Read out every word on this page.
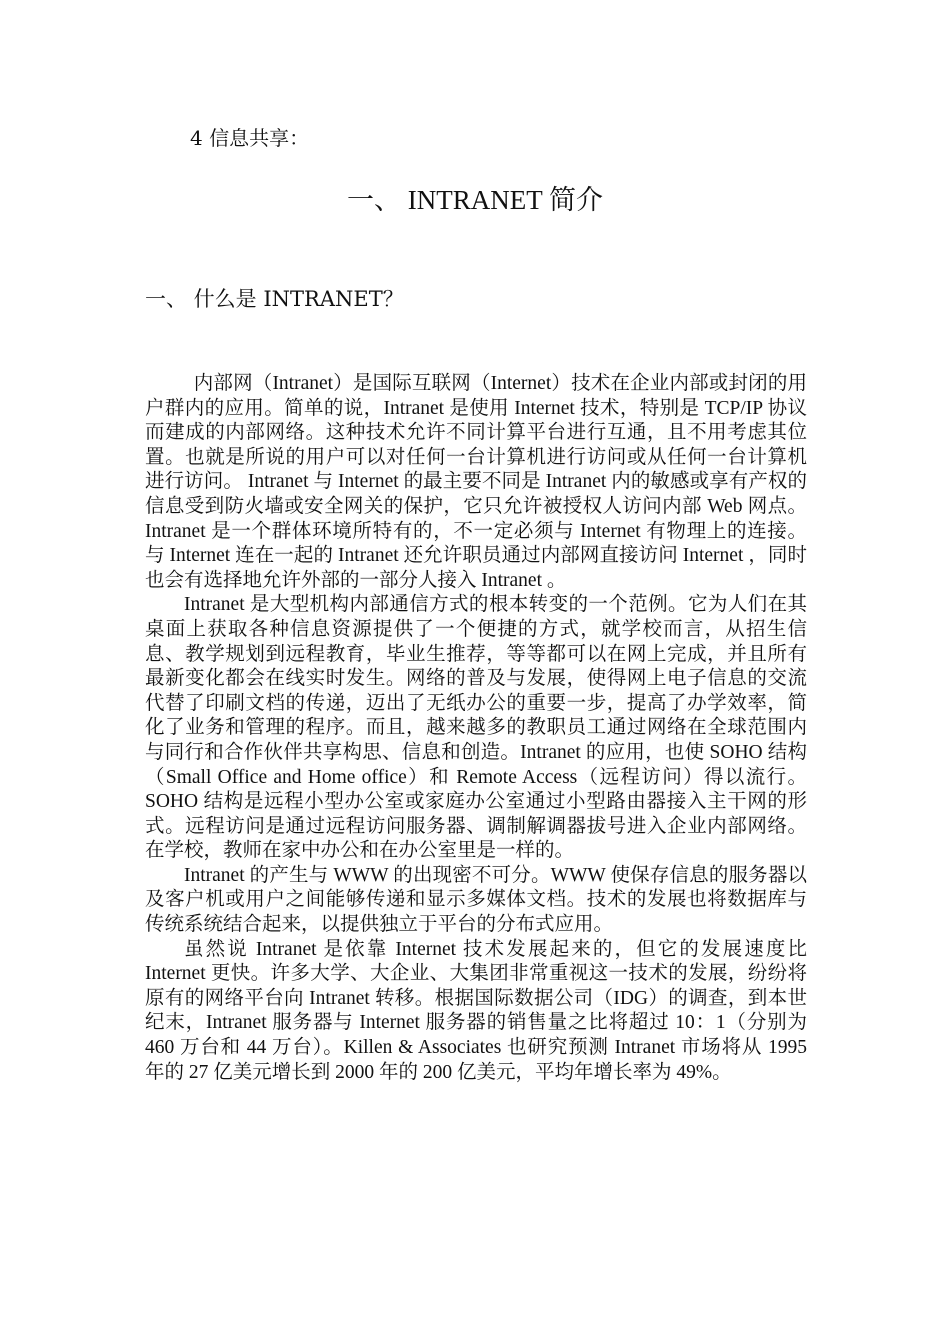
4 信息共享：
一、 INTRANET 简介
一、 什么是 INTRANET？

内部网（Intranet）是国际互联网（Internet）技术在企业内部或封闭的用户群内的应用。简单的说，Intranet 是使用 Internet 技术，特别是 TCP/IP 协议而建成的内部网络。这种技术允许不同计算平台进行互通，且不用考虑其位置。也就是所说的用户可以对任何一台计算机进行访问或从任何一台计算机进行访问。 Intranet 与 Internet 的最主要不同是 Intranet 内的敏感或享有产权的信息受到防火墙或安全网关的保护，它只允许被授权人访问内部 Web 网点。Intranet 是一个群体环境所特有的，不一定必须与 Internet 有物理上的连接。与 Internet 连在一起的 Intranet 还允许职员通过内部网直接访问 Internet ，同时也会有选择地允许外部的一部分人接入 Intranet 。

Intranet 是大型机构内部通信方式的根本转变的一个范例。它为人们在其桌面上获取各种信息资源提供了一个便捷的方式，就学校而言，从招生信息、教学规划到远程教育，毕业生推荐，等等都可以在网上完成，并且所有最新变化都会在线实时发生。网络的普及与发展，使得网上电子信息的交流代替了印刷文档的传递，迈出了无纸办公的重要一步，提高了办学效率，简化了业务和管理的程序。而且，越来越多的教职员工通过网络在全球范围内与同行和合作伙伴共享构思、信息和创造。Intranet 的应用，也使 SOHO 结构（Small Office and Home office）和 Remote Access（远程访问）得以流行。SOHO 结构是远程小型办公室或家庭办公室通过小型路由器接入主干网的形式。远程访问是通过远程访问服务器、调制解调器拔号进入企业内部网络。在学校，教师在家中办公和在办公室里是一样的。

Intranet 的产生与 WWW 的出现密不可分。WWW 使保存信息的服务器以及客户机或用户之间能够传递和显示多媒体文档。技术的发展也将数据库与传统系统结合起来，以提供独立于平台的分布式应用。

虽然说 Intranet 是依靠 Internet 技术发展起来的，但它的发展速度比 Internet 更快。许多大学、大企业、大集团非常重视这一技术的发展，纷纷将原有的网络平台向 Intranet 转移。根据国际数据公司（IDG）的调查，到本世纪末，Intranet 服务器与 Internet 服务器的销售量之比将超过 10：1（分别为 460 万台和 44 万台）。Killen & Associates 也研究预测 Intranet 市场将从 1995 年的 27 亿美元增长到 2000 年的 200 亿美元，平均年增长率为 49%。
